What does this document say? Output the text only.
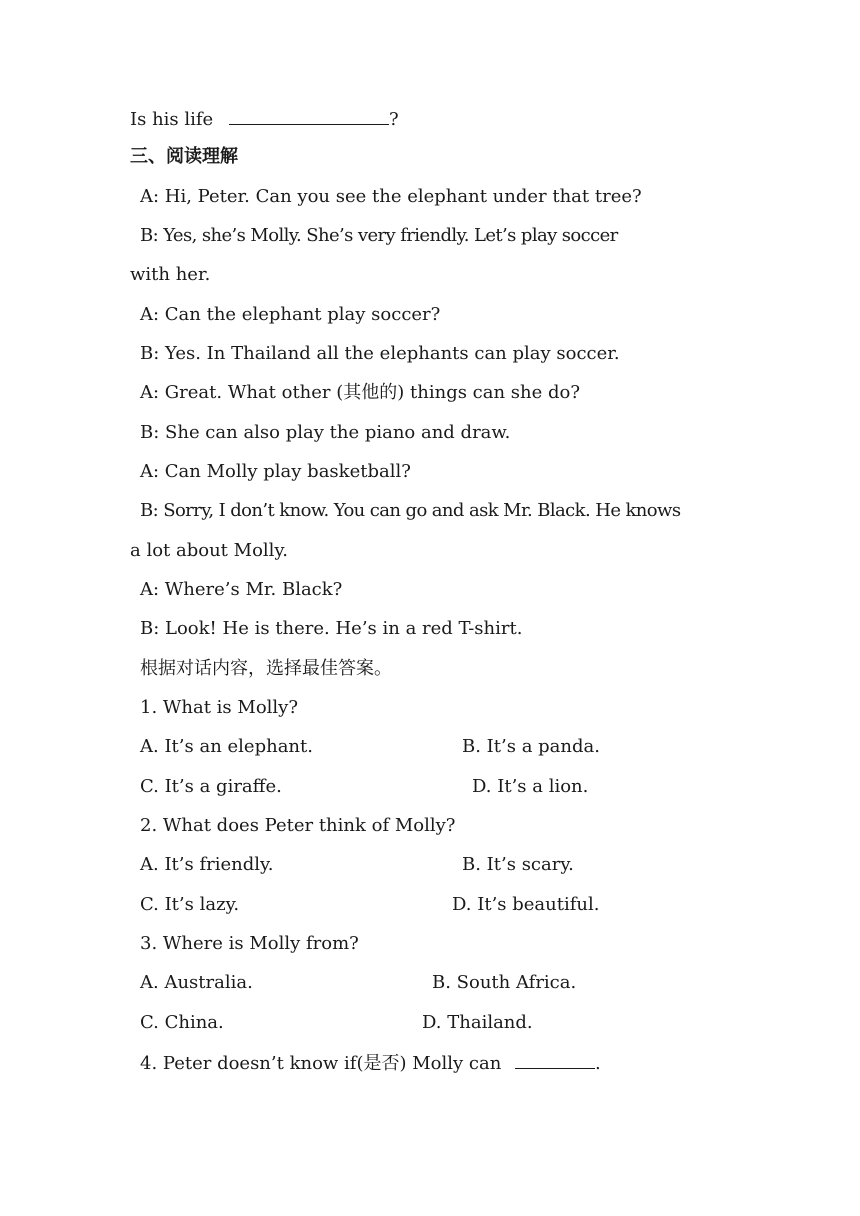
Is his life	?
三、阅读理解
A: Hi, Peter. Can you see the elephant under that tree?
B: Yes, she’s Molly. She’s very friendly. Let’s play soccer
with her.
A: Can the elephant play soccer?
B: Yes. In Thailand all the elephants can play soccer.
A: Great. What other (其他的) things can she do?
B: She can also play the piano and draw.
A: Can Molly play basketball?
B: Sorry, I don’t know. You can go and ask Mr. Black. He knows
a lot about Molly.
A: Where’s Mr. Black?
B: Look! He is there. He’s in a red T-shirt.
根据对话内容，选择最佳答案。
1. What is Molly?
A. It’s an elephant.	B. It’s a panda.
C. It’s a giraffe.	D. It’s a lion.
2. What does Peter think of Molly?
A. It’s friendly.	B. It’s scary.
C. It’s lazy.	D. It’s beautiful.
3. Where is Molly from?
A. Australia.	B. South Africa.
C. China.	D. Thailand.
4. Peter doesn’t know if(是否) Molly can	.
